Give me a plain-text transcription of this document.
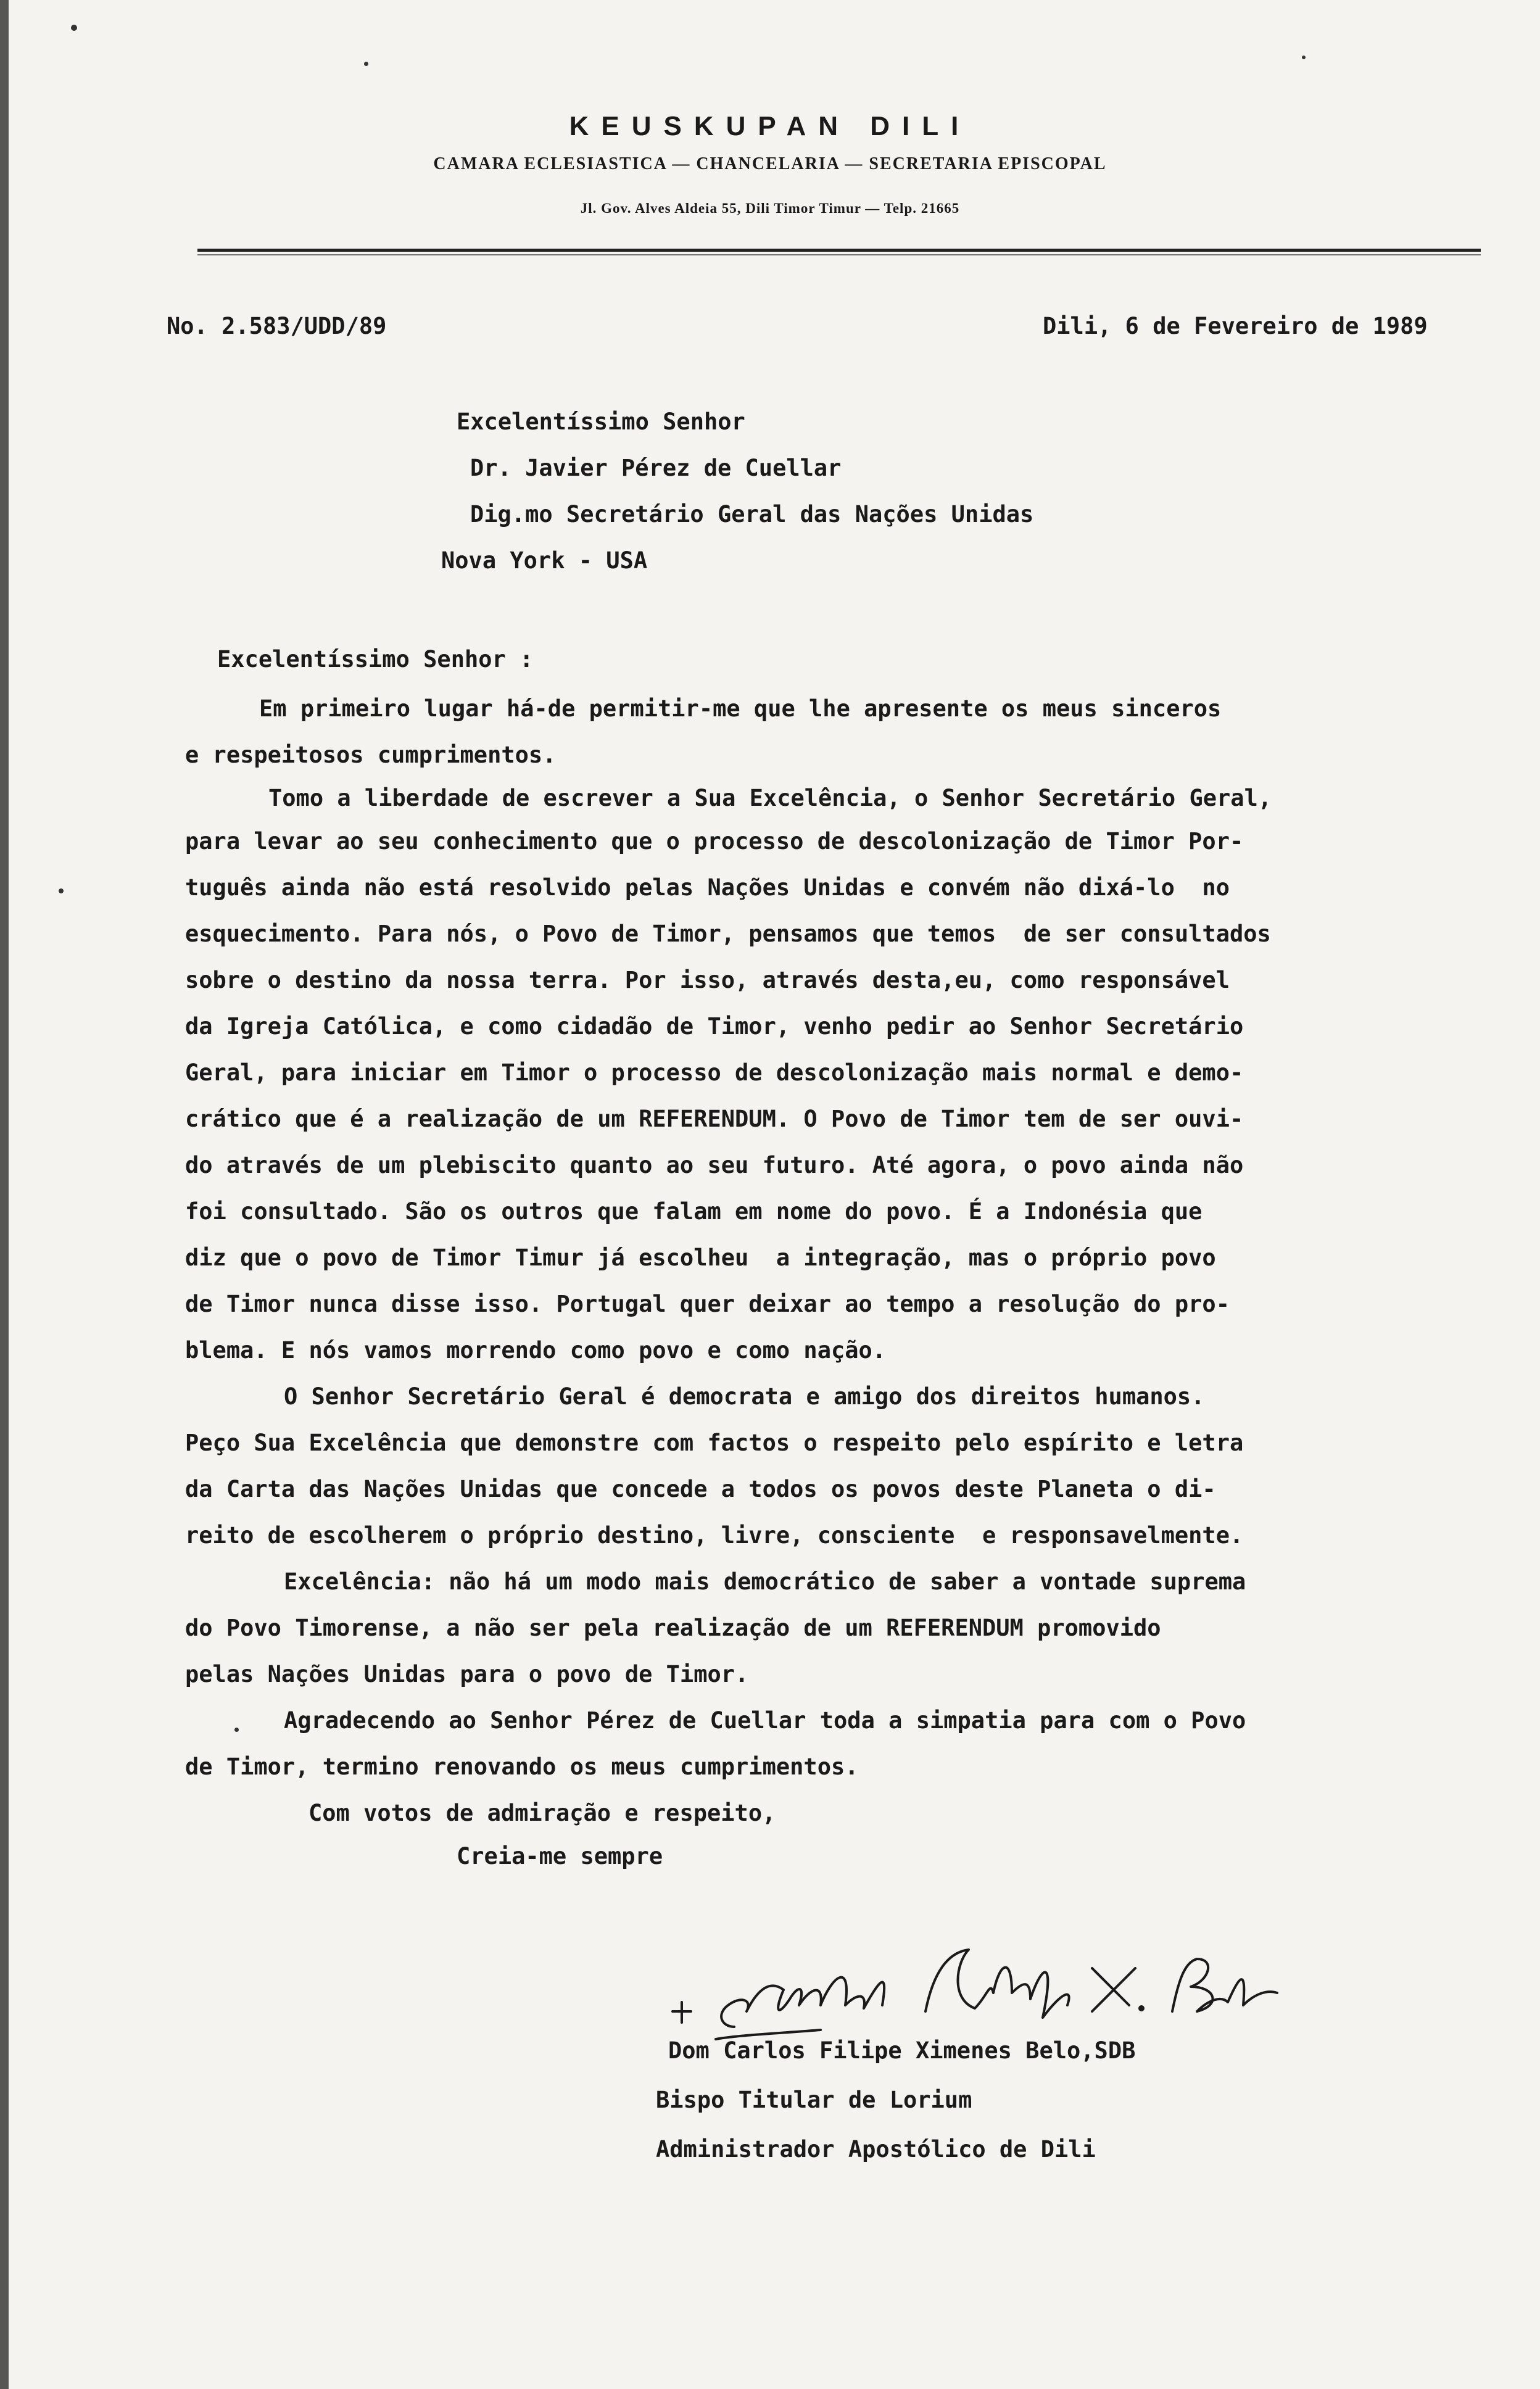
KEUSKUPAN DILI
CAMARA ECLESIASTICA — CHANCELARIA — SECRETARIA EPISCOPAL
Jl. Gov. Alves Aldeia 55, Dili Timor Timur — Telp. 21665
No. 2.583/UDD/89	Dili, 6 de Fevereiro de 1989
Excelentíssimo Senhor
Dr. Javier Pérez de Cuellar
Dig.mo Secretário Geral das Nações Unidas
Nova York - USA
Excelentíssimo Senhor :
Em primeiro lugar há-de permitir-me que lhe apresente os meus sinceros
e respeitosos cumprimentos.
Tomo a liberdade de escrever a Sua Excelência, o Senhor Secretário Geral,
para levar ao seu conhecimento que o processo de descolonização de Timor Por-
tuguês ainda não está resolvido pelas Nações Unidas e convém não dixá-lo  no
esquecimento. Para nós, o Povo de Timor, pensamos que temos  de ser consultados
sobre o destino da nossa terra. Por isso, através desta,eu, como responsável
da Igreja Católica, e como cidadão de Timor, venho pedir ao Senhor Secretário
Geral, para iniciar em Timor o processo de descolonização mais normal e demo-
crático que é a realização de um REFERENDUM. O Povo de Timor tem de ser ouvi-
do através de um plebiscito quanto ao seu futuro. Até agora, o povo ainda não
foi consultado. São os outros que falam em nome do povo. É a Indonésia que
diz que o povo de Timor Timur já escolheu  a integração, mas o próprio povo
de Timor nunca disse isso. Portugal quer deixar ao tempo a resolução do pro-
blema. E nós vamos morrendo como povo e como nação.
O Senhor Secretário Geral é democrata e amigo dos direitos humanos.
Peço Sua Excelência que demonstre com factos o respeito pelo espírito e letra
da Carta das Nações Unidas que concede a todos os povos deste Planeta o di-
reito de escolherem o próprio destino, livre, consciente  e responsavelmente.
Excelência: não há um modo mais democrático de saber a vontade suprema
do Povo Timorense, a não ser pela realização de um REFERENDUM promovido
pelas Nações Unidas para o povo de Timor.
Agradecendo ao Senhor Pérez de Cuellar toda a simpatia para com o Povo
de Timor, termino renovando os meus cumprimentos.
Com votos de admiração e respeito,
Creia-me sempre
Dom Carlos Filipe Ximenes Belo,SDB
Bispo Titular de Lorium
Administrador Apostólico de Dili
